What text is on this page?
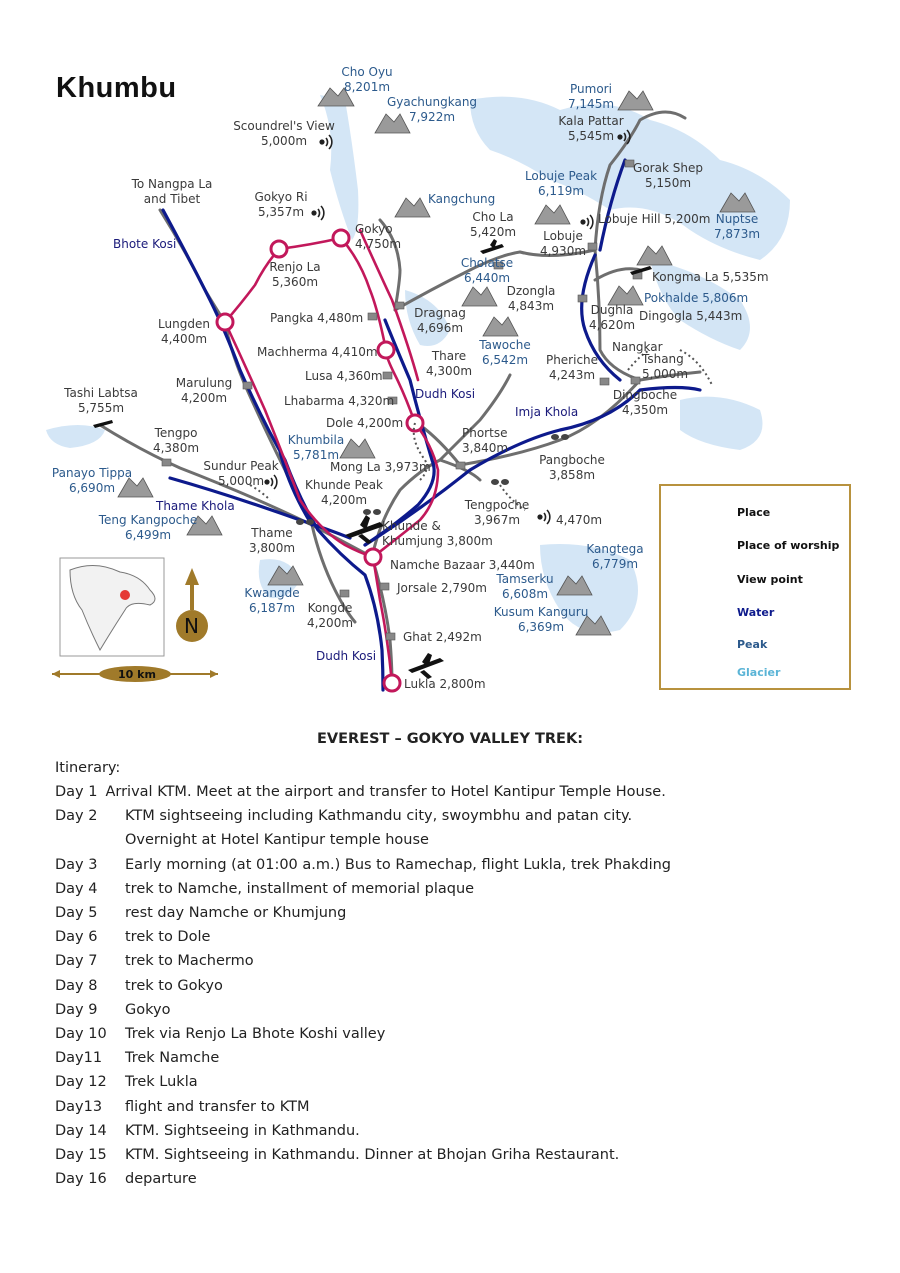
Khumbu	Cho Oyu
8,201m
Gyachungkang
7,922m
Kangchung
Pumori
7,145m
Lobuje Peak
6,119m
Nuptse
7,873m
Cholatse
6,440m
Tawoche
6,542m
Pokhalde 5,806m
Khumbila
5,781m
Panayo Tippa
6,690m
Teng Kangpoche
6,499m
Kwangde
6,187m
Kangtega
6,779m
Tamserku
6,608m
Kusum Kanguru
6,369m
Bhote Kosi
Dudh Kosi
Imja Khola
Thame Khola
Dudh Kosi
Scoundrel's View
5,000m
To Nangpa La
and Tibet	Gokyo Ri
5,357m
Gokyo
4,750m
Renjo La
5,360m
Lungden
4,400m
Pangka 4,480m
Machherma 4,410m
Lusa 4,360m
Lhabarma 4,320m
Dole 4,200m
Marulung
4,200m
Tashi Labtsa
5,755m
Tengpo
4,380m
Sundur Peak
5,000m
Mong La 3,973m
Khunde Peak
4,200m
Thame
3,800m
Khunde &
Khumjung 3,800m
Namche Bazaar 3,440m
Jorsale 2,790m
Kongde
4,200m
Ghat 2,492m
Lukla 2,800m
Dragnag
4,696m
Thare
4,300m
Cho La
5,420m
Dzongla
4,843m
Lobuje
4,930m
Lobuje Hill 5,200m
Kala Pattar
5,545m
Gorak Shep
5,150m
Kongma La 5,535m
Dingogla 5,443m
Dughla
4,620m
Nangkar
Tshang
5,000m
Pheriche
4,243m
Dingboche
4,350m
Phortse
3,840m
Pangboche
3,858m
Tengpoche
3,967m	4,470m
10 km
N
Place
Place of worship
View point
Water
Peak
Glacier
EVEREST – GOKYO VALLEY TREK:
Itinerary:
Day 1 Arrival KTM. Meet at the airport and transfer to Hotel Kantipur Temple House.
Day 2 KTM sightseeing including Kathmandu city, swoymbhu and patan city.
Overnight at Hotel Kantipur temple house
Day 3 Early morning (at 01:00 a.m.) Bus to Ramechap, flight Lukla, trek Phakding
Day 4 trek to Namche, installment of memorial plaque
Day 5 rest day Namche or Khumjung
Day 6 trek to Dole
Day 7 trek to Machermo
Day 8 trek to Gokyo
Day 9 Gokyo
Day 10 Trek via Renjo La Bhote Koshi valley
Day11 Trek Namche
Day 12 Trek Lukla
Day13 flight and transfer to KTM
Day 14 KTM. Sightseeing in Kathmandu.
Day 15 KTM. Sightseeing in Kathmandu. Dinner at Bhojan Griha Restaurant.
Day 16 departure
